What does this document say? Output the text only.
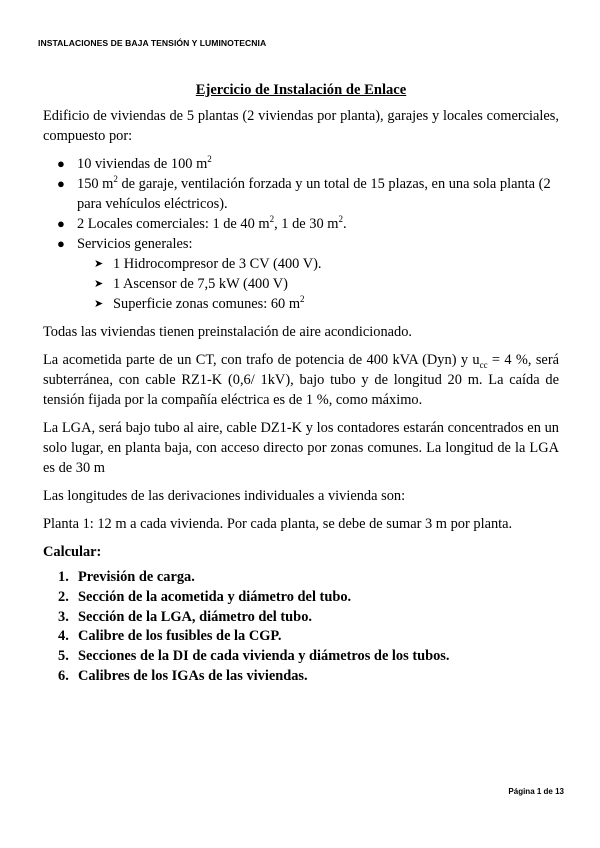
INSTALACIONES DE BAJA TENSIÓN Y LUMINOTECNIA
Ejercicio de Instalación de Enlace

Edificio de viviendas de 5 plantas (2 viviendas por planta), garajes y locales comerciales, compuesto por:

● 10 viviendas de 100 $m^2$
● 150 $m^2$ de garaje, ventilación forzada y un total de 15 plazas, en una sola planta (2 para vehículos eléctricos).
● 2 Locales comerciales: 1 de 40 $m^2$, 1 de 30 $m^2$.
● Servicios generales:
➤ 1 Hidrocompresor de 3 CV (400 V).
➤ 1 Ascensor de 7,5 kW (400 V)
➤ Superficie zonas comunes: 60 $m^2$

Todas las viviendas tienen preinstalación de aire acondicionado.

La acometida parte de un CT, con trafo de potencia de 400 kVA (Dyn) y $u_{cc} = 4$ %, será subterránea, con cable RZ1-K (0,6/ 1kV), bajo tubo y de longitud 20 m. La caída de tensión fijada por la compañía eléctrica es de 1 %, como máximo.

La LGA, será bajo tubo al aire, cable DZ1-K y los contadores estarán concentrados en un solo lugar, en planta baja, con acceso directo por zonas comunes. La longitud de la LGA es de 30 m

Las longitudes de las derivaciones individuales a vivienda son:

Planta 1: 12 m a cada vivienda. Por cada planta, se debe de sumar 3 m por planta.

Calcular:
1. Previsión de carga.
2. Sección de la acometida y diámetro del tubo.
3. Sección de la LGA, diámetro del tubo.
4. Calibre de los fusibles de la CGP.
5. Secciones de la DI de cada vivienda y diámetros de los tubos.
6. Calibres de los IGAs de las viviendas.
Página 1 de 13
